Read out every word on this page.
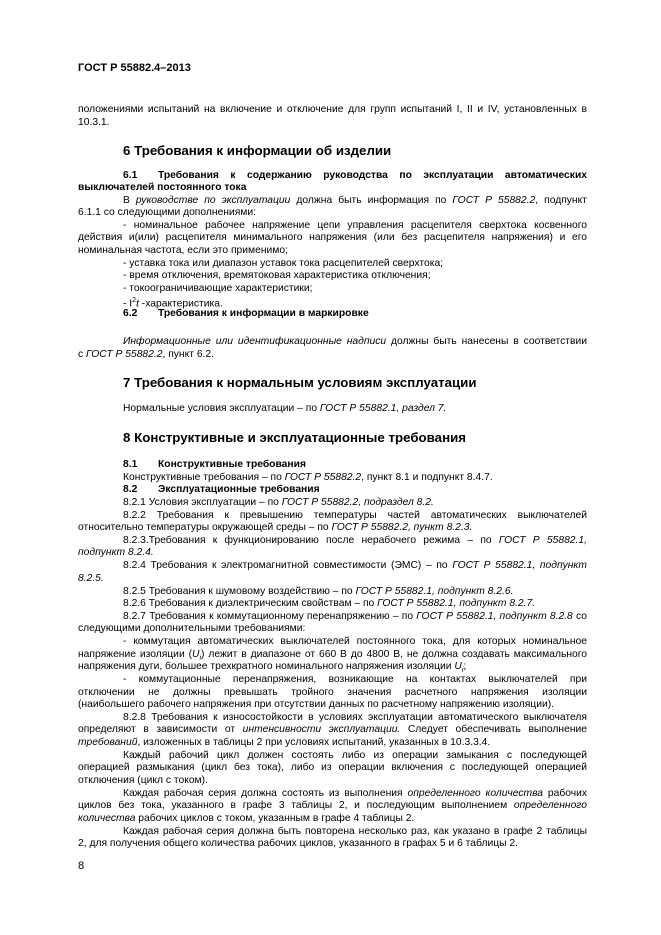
ГОСТ Р 55882.4–2013
положениями испытаний на включение и отключение для групп испытаний I, II и IV, установленных в
10.3.1.
6 Требования к информации об изделии
6.1 Требования к содержанию руководства по эксплуатации автоматических
выключателей постоянного тока
В руководстве по эксплуатации должна быть информация по ГОСТ Р 55882.2, подпункт
6.1.1 со следующими дополнениями:
- номинальное рабочее напряжение цепи управления расцепителя сверхтока косвенного
действия и(или) расцепителя минимального напряжения (или без расцепителя напряжения) и его
номинальная частота, если это применимо;
- уставка тока или диапазон уставок тока расцепителей сверхтока;
- время отключения, времятоковая характеристика отключения;
- токоограничивающие характеристики;
- $I^2t$ -характеристика.
6.2 Требования к информации в маркировке
Информационные или идентификационные надписи должны быть нанесены в соответствии
с ГОСТ Р 55882.2, пункт 6.2.
7 Требования к нормальным условиям эксплуатации
Нормальные условия эксплуатации – по ГОСТ Р 55882.1, раздел 7.
8 Конструктивные и эксплуатационные требования
8.1 Конструктивные требования
Конструктивные требования – по ГОСТ Р 55882.2, пункт 8.1 и подпункт 8.4.7.
8.2 Эксплуатационные требования
8.2.1 Условия эксплуатации – по ГОСТ Р 55882.2, подраздел 8.2.
8.2.2 Требования к превышению температуры частей автоматических выключателей
относительно температуры окружающей среды – по ГОСТ Р 55882.2, пункт 8.2.3.
8.2.3.Требования к функционированию после нерабочего режима – по ГОСТ Р 55882.1,
подпункт 8.2.4.
8.2.4 Требования к электромагнитной совместимости (ЭМС) – по ГОСТ Р 55882.1, подпункт
8.2.5.
8.2.5 Требования к шумовому воздействию – по ГОСТ Р 55882.1, подпункт 8.2.6.
8.2.6 Требования к диэлектрическим свойствам – по ГОСТ Р 55882.1, подпункт 8.2.7.
8.2.7 Требования к коммутационному перенапряжению – по ГОСТ Р 55882.1, подпункт 8.2.8 со
следующими дополнительными требованиями:
- коммутация автоматических выключателей постоянного тока, для которых номинальное
напряжение изоляции $(U_i)$ лежит в диапазоне от 660 В до 4800 В, не должна создавать максимального
напряжения дуги, большее трехкратного номинального напряжения изоляции $U_i$;
- коммутационные перенапряжения, возникающие на контактах выключателей при
отключении не должны превышать тройного значения расчетного напряжения изоляции
(наибольшего рабочего напряжения при отсутствии данных по расчетному напряжению изоляции).
8.2.8 Требования к износостойкости в условиях эксплуатации автоматического выключателя
определяют в зависимости от интенсивности эксплуатации. Следует обеспечивать выполнение
требований, изложенных в таблицы 2 при условиях испытаний, указанных в 10.3.3.4.
Каждый рабочий цикл должен состоять либо из операции замыкания с последующей
операцией размыкания (цикл без тока), либо из операции включения с последующей операцией
отключения (цикл с током).
Каждая рабочая серия должна состоять из выполнения определенного количества рабочих
циклов без тока, указанного в графе 3 таблицы 2, и последующим выполнением определенного
количества рабочих циклов с током, указанным в графе 4 таблицы 2.
Каждая рабочая серия должна быть повторена несколько раз, как указано в графе 2 таблицы
2, для получения общего количества рабочих циклов, указанного в графах 5 и 6 таблицы 2.
8
